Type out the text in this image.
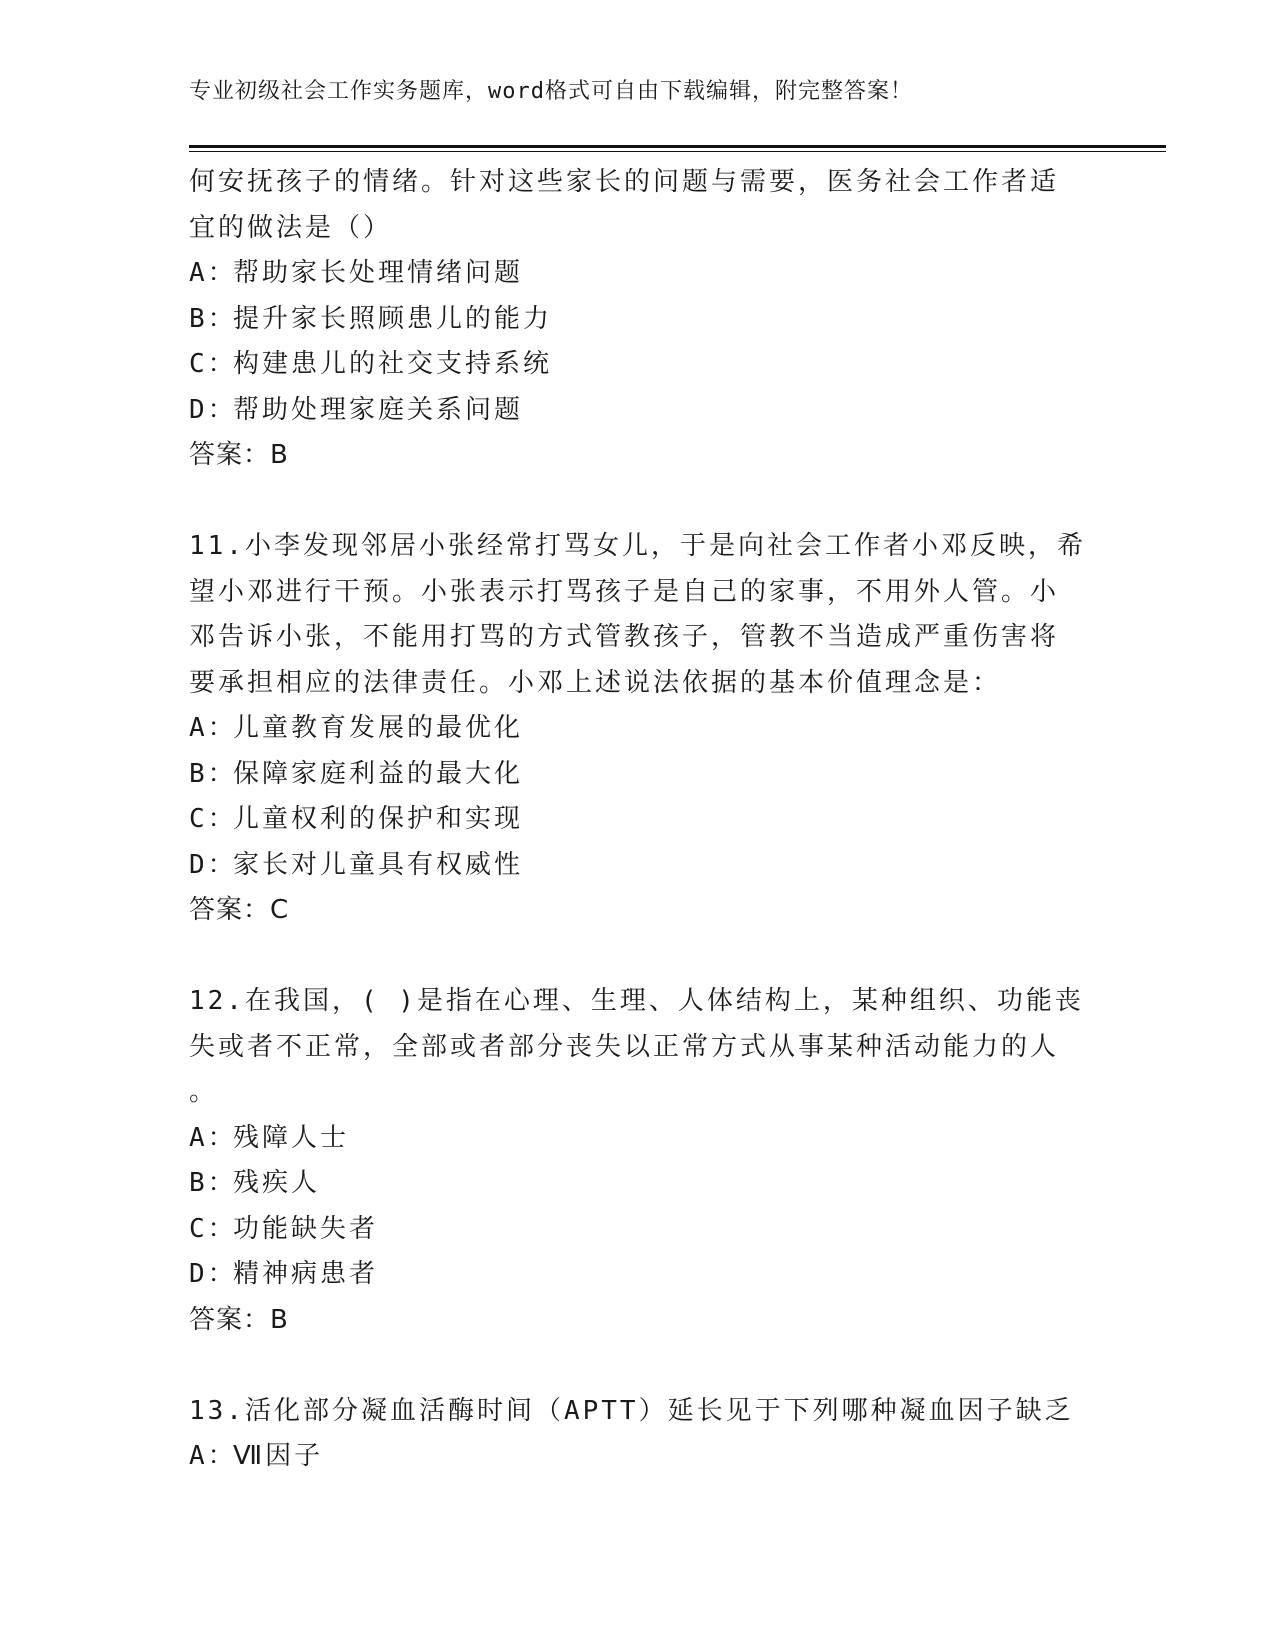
专业初级社会工作实务题库，word格式可自由下载编辑，附完整答案！
何安抚孩子的情绪。针对这些家长的问题与需要，医务社会工作者适
宜的做法是（）
A：
帮助家长处理情绪问题
B：
提升家长照顾患儿的能力
C：
构建患儿的社交支持系统
D：
帮助处理家庭关系问题
答案：B
11.小李发现邻居小张经常打骂女儿，于是向社会工作者小邓反映，希
望小邓进行干预。小张表示打骂孩子是自己的家事，不用外人管。小
邓告诉小张，不能用打骂的方式管教孩子，管教不当造成严重伤害将
要承担相应的法律责任。小邓上述说法依据的基本价值理念是：
A：
儿童教育发展的最优化
B：
保障家庭利益的最大化
C：
儿童权利的保护和实现
D：
家长对儿童具有权威性
答案：C
12.在我国，( )是指在心理、生理、人体结构上，某种组织、功能丧
失或者不正常，全部或者部分丧失以正常方式从事某种活动能力的人
。
A：
残障人士
B：
残疾人
C：
功能缺失者
D：
精神病患者
答案：B
13.活化部分凝血活酶时间（APTT）延长见于下列哪种凝血因子缺乏
A：
Ⅶ因子
